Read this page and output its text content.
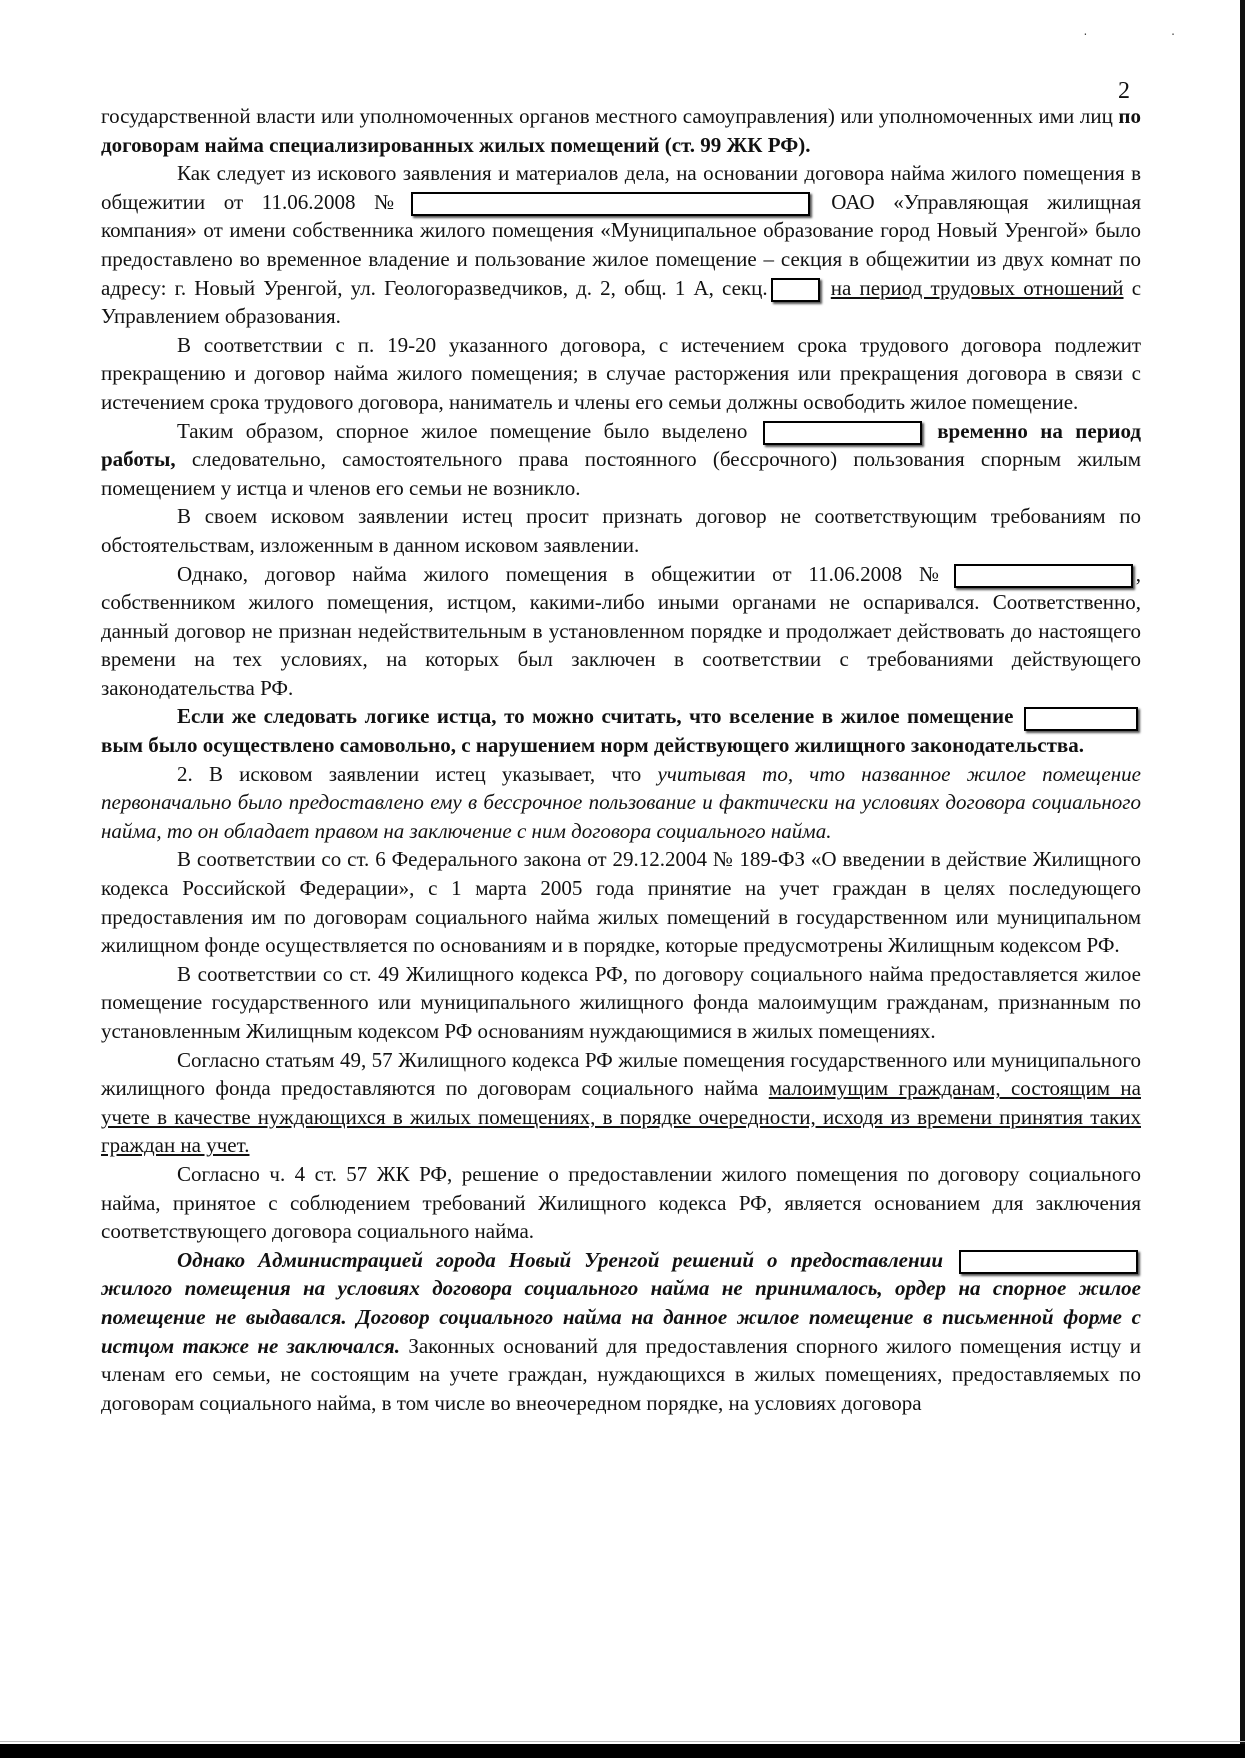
‧ ‧
2

государственной власти или уполномоченных органов местного самоуправления) или уполномоченных ими лиц по договорам найма специализированных жилых помещений (ст. 99 ЖК РФ).

Как следует из искового заявления и материалов дела, на основании договора найма жилого помещения в общежитии от 11.06.2008 №	ОАО «Управляющая жилищная компания» от имени собственника жилого помещения «Муниципальное образование город Новый Уренгой» было предоставлено во временное владение и пользование жилое помещение – секция в общежитии из двух комнат по адресу: г. Новый Уренгой, ул. Геологоразведчиков, д. 2, общ. 1 А, секц.	на период трудовых отношений с Управлением образования.

В соответствии с п. 19-20 указанного договора, с истечением срока трудового договора подлежит прекращению и договор найма жилого помещения; в случае расторжения или прекращения договора в связи с истечением срока трудового договора, наниматель и члены его семьи должны освободить жилое помещение.

Таким образом, спорное жилое помещение было выделено	временно на период работы, следовательно, самостоятельного права постоянного (бессрочного) пользования спорным жилым помещением у истца и членов его семьи не возникло.

В своем исковом заявлении истец просит признать договор не соответствующим требованиям по обстоятельствам, изложенным в данном исковом заявлении.

Однако, договор найма жилого помещения в общежитии от 11.06.2008 №	, собственником жилого помещения, истцом, какими-либо иными органами не оспаривался. Соответственно, данный договор не признан недействительным в установленном порядке и продолжает действовать до настоящего времени на тех условиях, на которых был заключен в соответствии с требованиями действующего законодательства РФ.

Если же следовать логике истца, то можно считать, что вселение в жилое помещение вым было осуществлено самовольно, с нарушением норм действующего жилищного законодательства.

2. В исковом заявлении истец указывает, что учитывая то, что названное жилое помещение первоначально было предоставлено ему в бессрочное пользование и фактически на условиях договора социального найма, то он обладает правом на заключение с ним договора социального найма.

В соответствии со ст. 6 Федерального закона от 29.12.2004 № 189-ФЗ «О введении в действие Жилищного кодекса Российской Федерации», с 1 марта 2005 года принятие на учет граждан в целях последующего предоставления им по договорам социального найма жилых помещений в государственном или муниципальном жилищном фонде осуществляется по основаниям и в порядке, которые предусмотрены Жилищным кодексом РФ.

В соответствии со ст. 49 Жилищного кодекса РФ, по договору социального найма предоставляется жилое помещение государственного или муниципального жилищного фонда малоимущим гражданам, признанным по установленным Жилищным кодексом РФ основаниям нуждающимися в жилых помещениях.

Согласно статьям 49, 57 Жилищного кодекса РФ жилые помещения государственного или муниципального жилищного фонда предоставляются по договорам социального найма малоимущим гражданам, состоящим на учете в качестве нуждающихся в жилых помещениях, в порядке очередности, исходя из времени принятия таких граждан на учет.

Согласно ч. 4 ст. 57 ЖК РФ, решение о предоставлении жилого помещения по договору социального найма, принятое с соблюдением требований Жилищного кодекса РФ, является основанием для заключения соответствующего договора социального найма.

Однако Администрацией города Новый Уренгой решений о предоставлении  жилого помещения на условиях договора социального найма не принималось, ордер на спорное жилое помещение не выдавался. Договор социального найма на данное жилое помещение в письменной форме с истцом также не заключался. Законных оснований для предоставления спорного жилого помещения истцу и членам его семьи, не состоящим на учете граждан, нуждающихся в жилых помещениях, предоставляемых по договорам социального найма, в том числе во внеочередном порядке, на условиях договора
